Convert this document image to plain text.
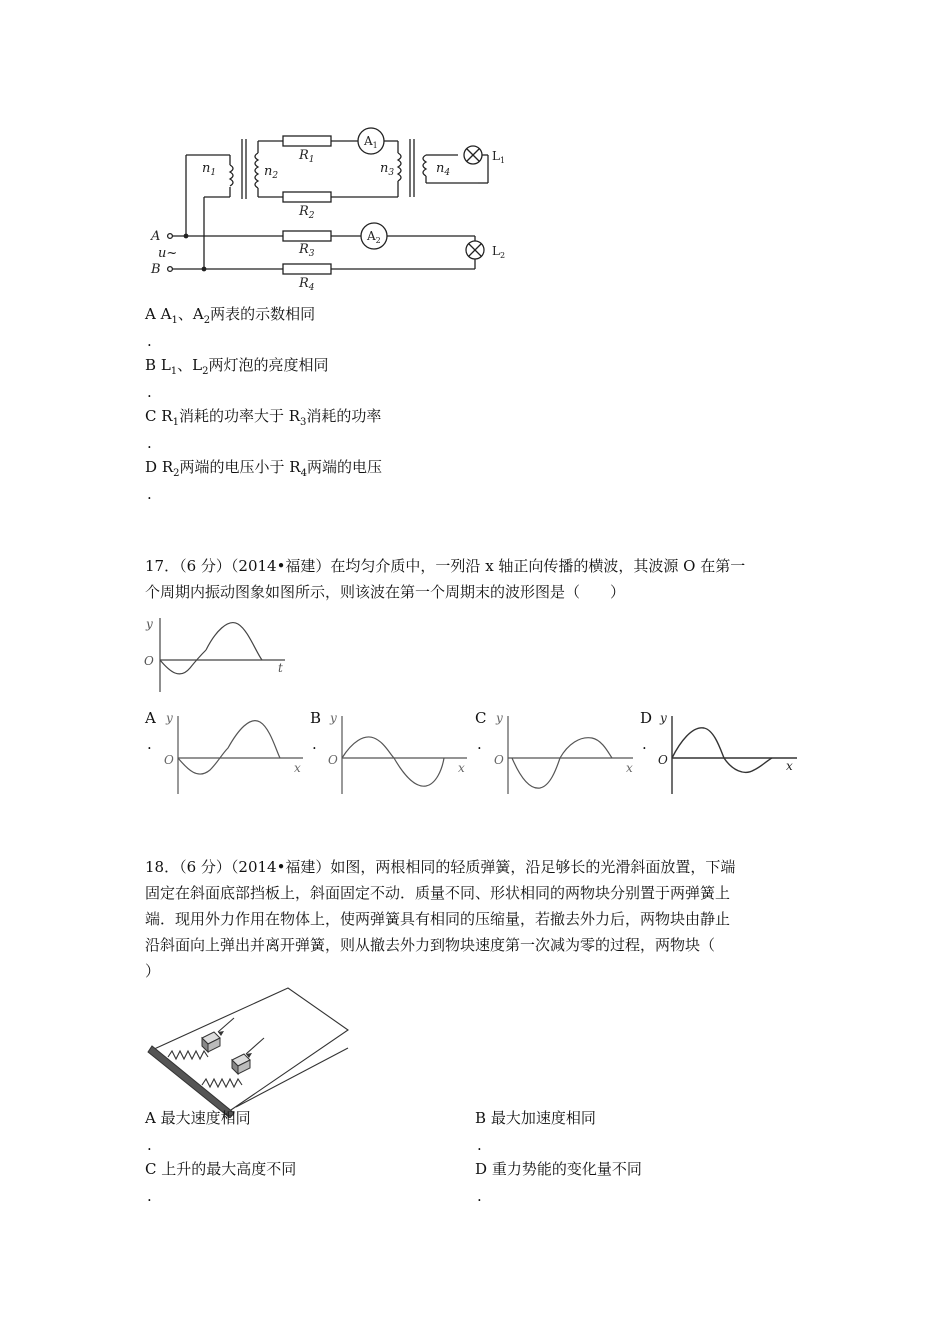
$n_1$	$n_2$	$n_3$	$n_4$
$R_1$
$R_2$
$R_3$
$R_4$
A
u~
B
$A_1$
$A_2$
$L_1$
$L_2$
A $A_1$、$A_2$两表的示数相同
.
B $L_1$、$L_2$两灯泡的亮度相同
.
C $R_1$消耗的功率大于 $R_3$消耗的功率
.
D $R_2$两端的电压小于 $R_4$两端的电压
.
17．（6 分）（2014•福建）在均匀介质中，一列沿 x 轴正向传播的横波，其波源 O 在第一
个周期内振动图象如图所示，则该波在第一个周期末的波形图是（　　）
y
O	t
A
.
y
O
x
B
.
y
O
x
C
.
y
O
x
D
.
y
O	x
18．（6 分）（2014•福建）如图，两根相同的轻质弹簧，沿足够长的光滑斜面放置，下端
固定在斜面底部挡板上，斜面固定不动．质量不同、形状相同的两物块分别置于两弹簧上
端．现用外力作用在物体上，使两弹簧具有相同的压缩量，若撤去外力后，两物块由静止
沿斜面向上弹出并离开弹簧，则从撤去外力到物块速度第一次减为零的过程，两物块（
）
A 最大速度相同
.
B 最大加速度相同
.
C 上升的最大高度不同
.
D 重力势能的变化量不同
.
